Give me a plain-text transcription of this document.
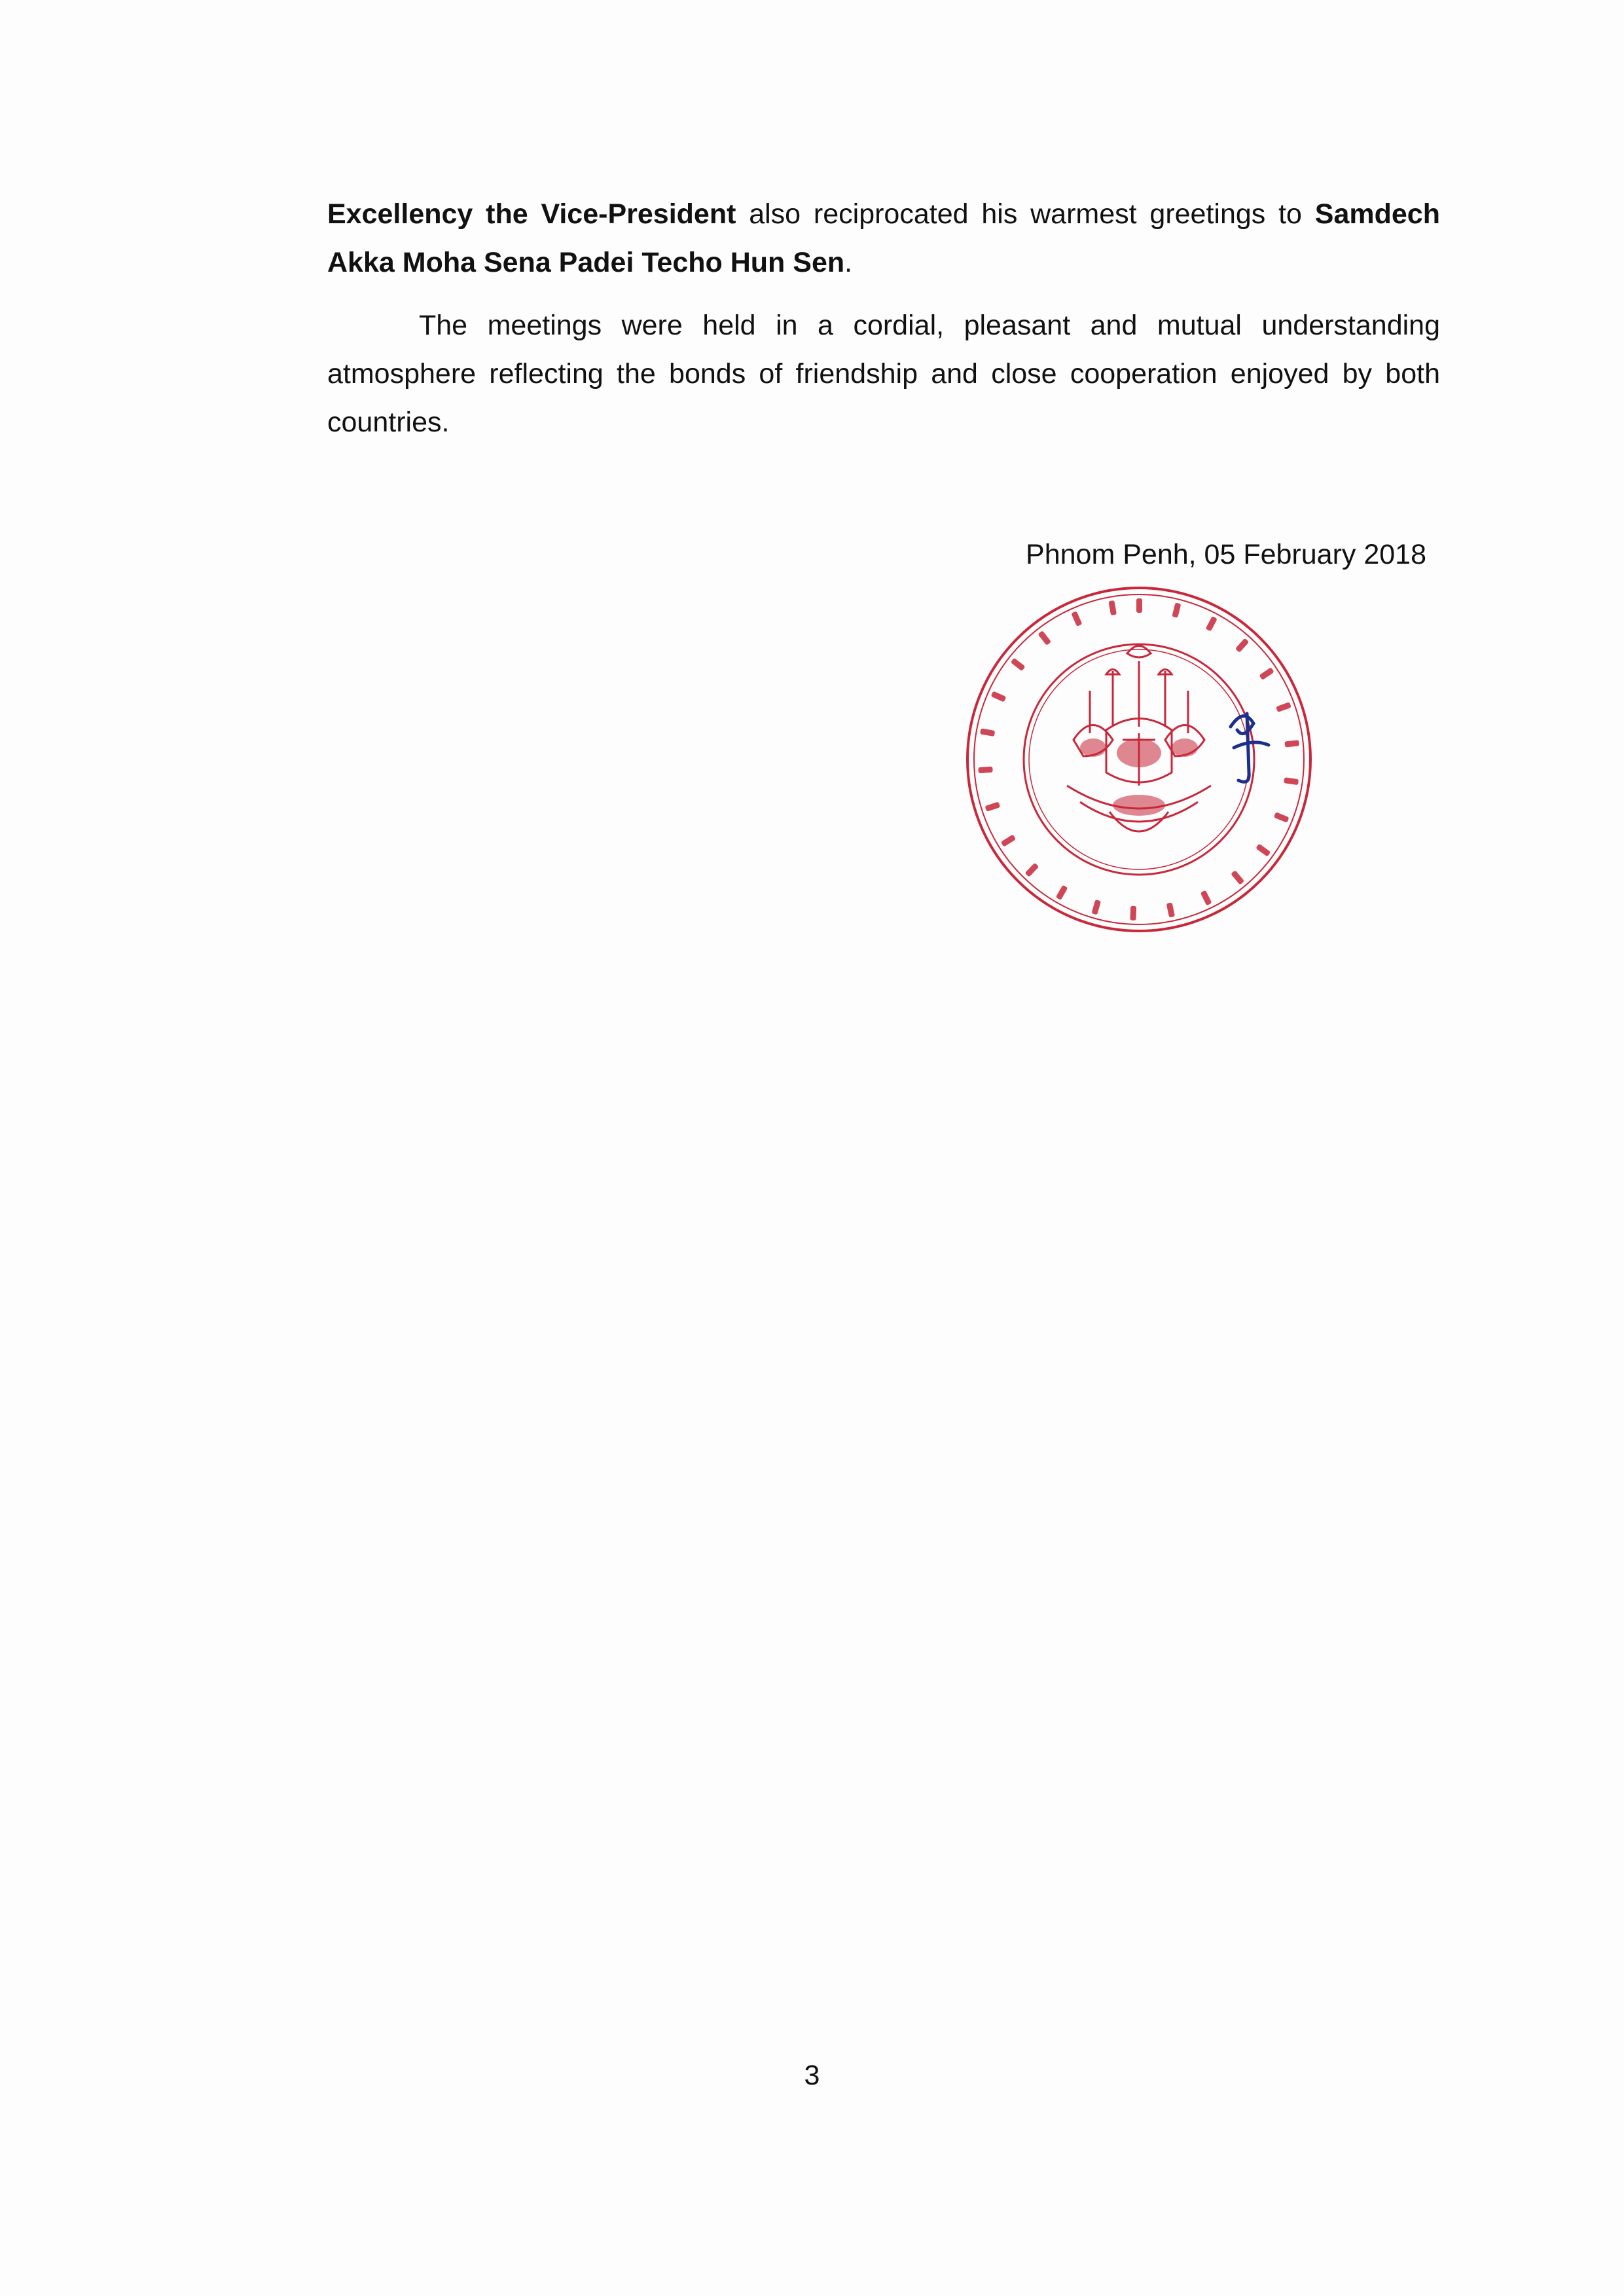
Excellency the Vice-President also reciprocated his warmest greetings to Samdech Akka Moha Sena Padei Techo Hun Sen.

The meetings were held in a cordial, pleasant and mutual understanding atmosphere reflecting the bonds of friendship and close cooperation enjoyed by both countries.

Phnom Penh, 05 February 2018
3
